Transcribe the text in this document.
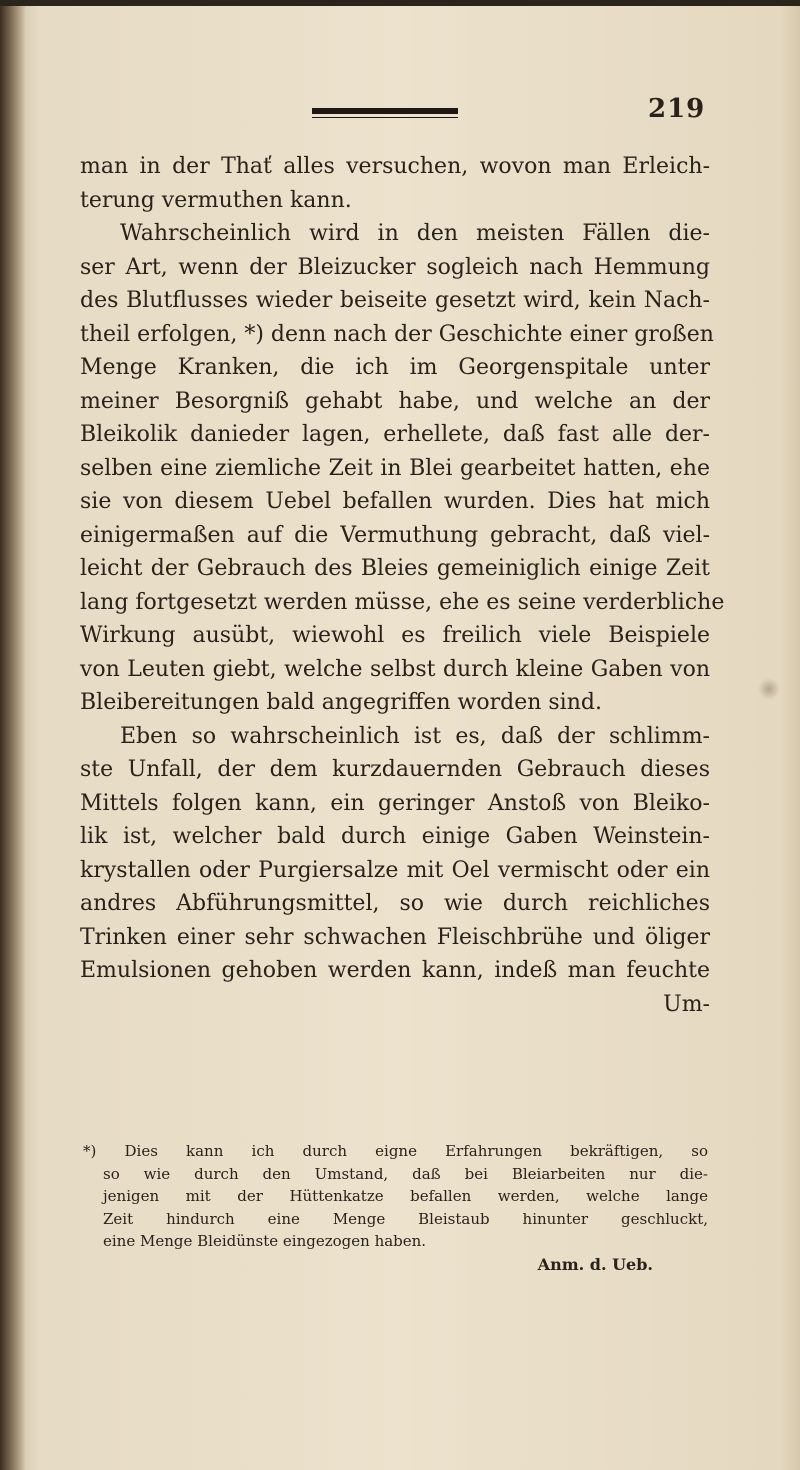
219
man in der Thať alles versuchen, wovon man Erleich-
terung vermuthen kann.
Wahrscheinlich wird in den meisten Fällen die-
ser Art, wenn der Bleizucker sogleich nach Hemmung
des Blutflusses wieder beiseite gesetzt wird, kein Nach-
theil erfolgen, *) denn nach der Geschichte einer großen
Menge Kranken, die ich im Georgenspitale unter
meiner Besorgniß gehabt habe, und welche an der
Bleikolik danieder lagen, erhellete, daß fast alle der-
selben eine ziemliche Zeit in Blei gearbeitet hatten, ehe
sie von diesem Uebel befallen wurden. Dies hat mich
einigermaßen auf die Vermuthung gebracht, daß viel-
leicht der Gebrauch des Bleies gemeiniglich einige Zeit
lang fortgesetzt werden müsse, ehe es seine verderbliche
Wirkung ausübt, wiewohl es freilich viele Beispiele
von Leuten giebt, welche selbst durch kleine Gaben von
Bleibereitungen bald angegriffen worden sind.
Eben so wahrscheinlich ist es, daß der schlimm-
ste Unfall, der dem kurzdauernden Gebrauch dieses
Mittels folgen kann, ein geringer Anstoß von Bleiko-
lik ist, welcher bald durch einige Gaben Weinstein-
krystallen oder Purgiersalze mit Oel vermischt oder ein
andres Abführungsmittel, so wie durch reichliches
Trinken einer sehr schwachen Fleischbrühe und öliger
Emulsionen gehoben werden kann, indeß man feuchte
Um-
*) Dies kann ich durch eigne Erfahrungen bekräftigen, so
so wie durch den Umstand, daß bei Bleiarbeiten nur die-
jenigen mit der Hüttenkatze befallen werden, welche lange
Zeit hindurch eine Menge Bleistaub hinunter geschluckt,
eine Menge Bleidünste eingezogen haben.
Anm. d. Ueb.
